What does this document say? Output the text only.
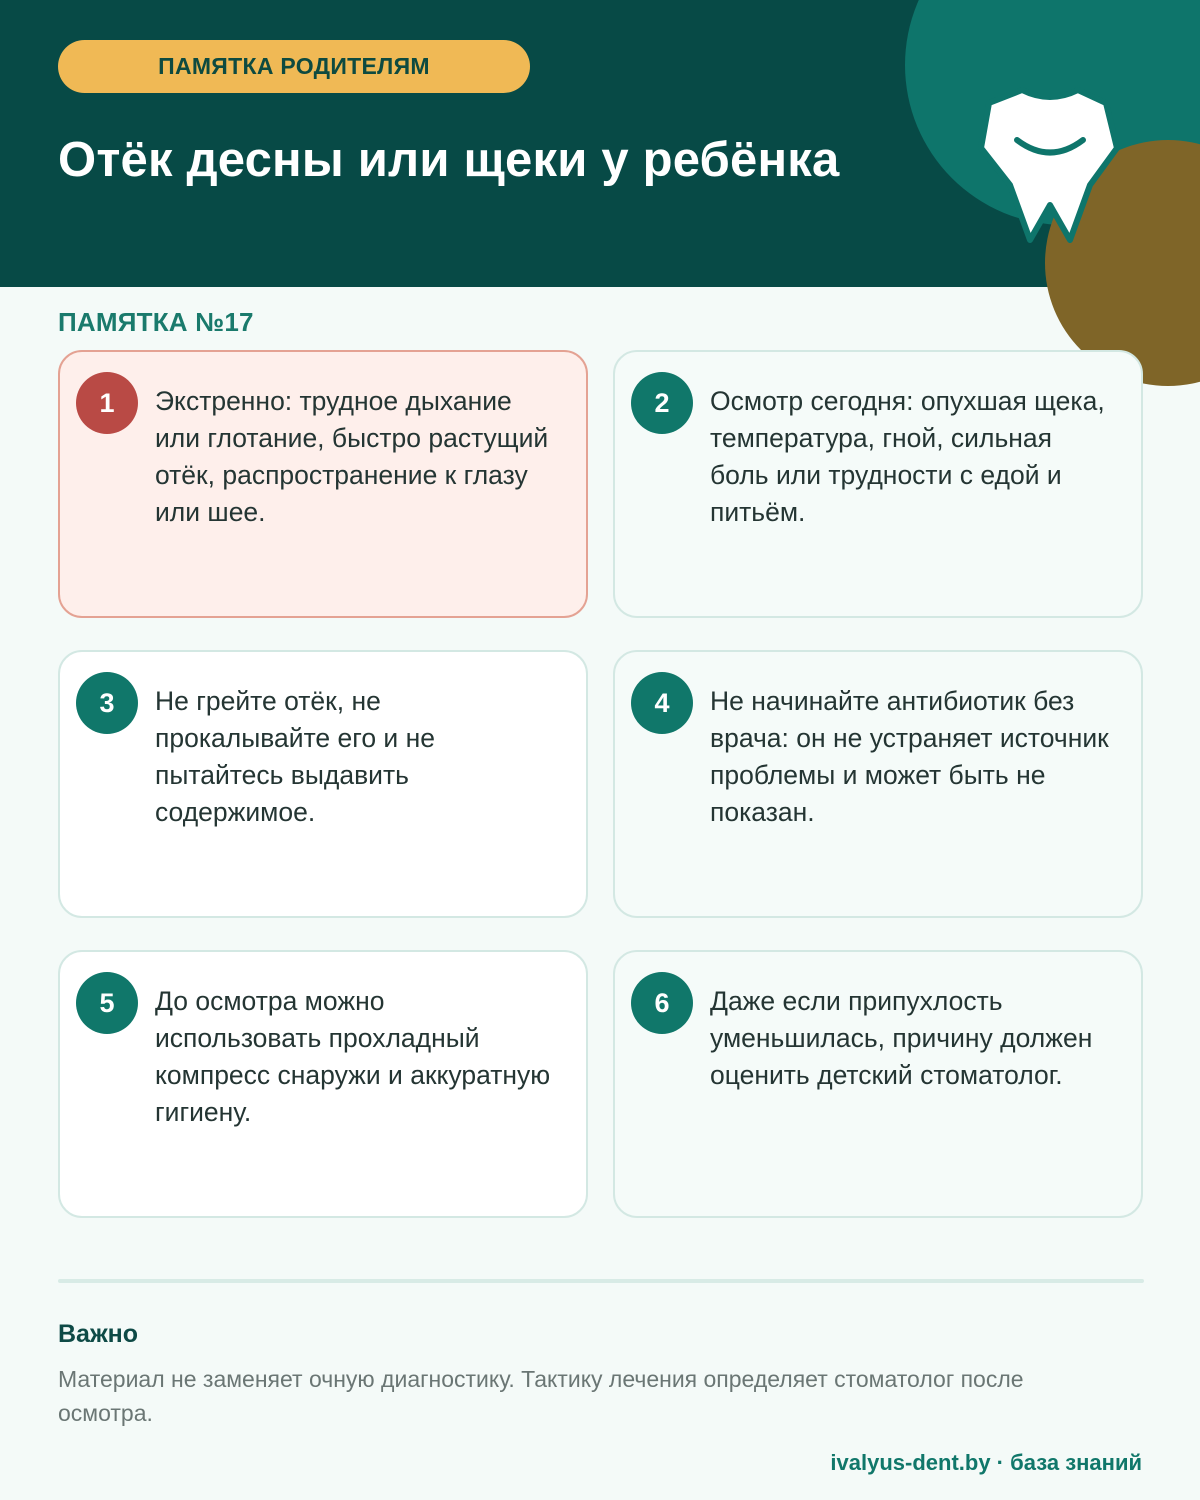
ПАМЯТКА РОДИТЕЛЯМ
Отёк десны или щеки у ребёнка
ПАМЯТКА №17
1	Экстренно: трудное дыхание или глотание, быстро растущий отёк, распространение к глазу или шее.

2	Осмотр сегодня: опухшая щека, температура, гной, сильная боль или трудности с едой и питьём.

3	Не грейте отёк, не прокалывайте его и не пытайтесь выдавить содержимое.

4	Не начинайте антибиотик без врача: он не устраняет источник проблемы и может быть не показан.

5	До осмотра можно использовать прохладный компресс снаружи и аккуратную гигиену.

6	Даже если припухлость уменьшилась, причину должен оценить детский стоматолог.

Важно

Материал не заменяет очную диагностику. Тактику лечения определяет стоматолог после осмотра.

ivalyus-dent.by · база знаний
